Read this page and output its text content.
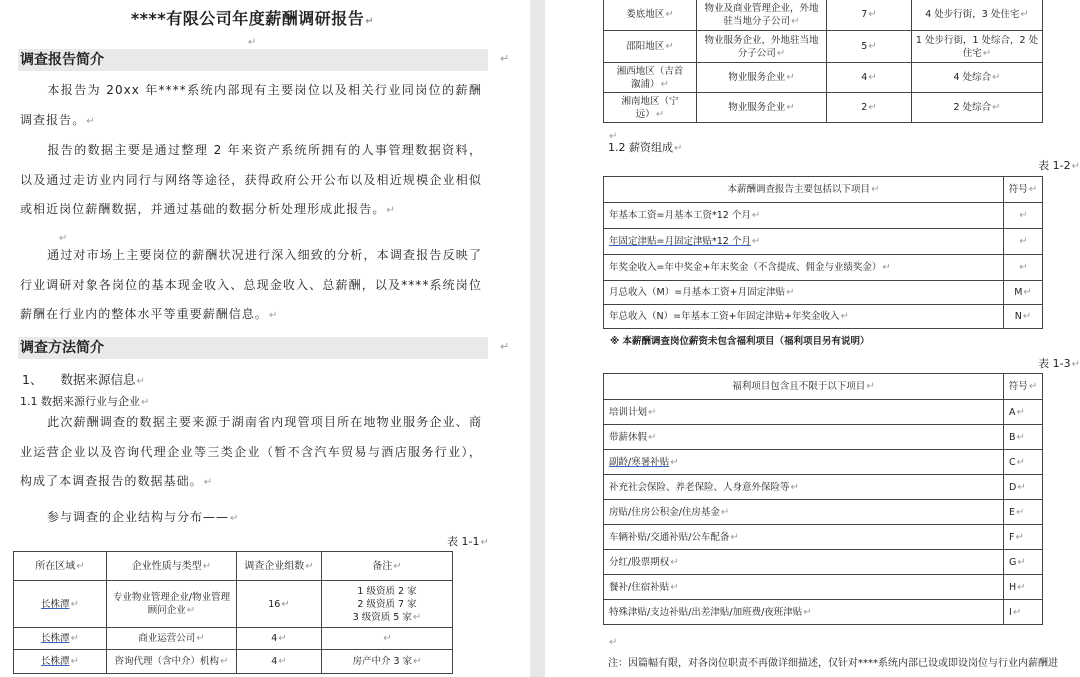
****有限公司年度薪酬调研报告↵
↵
调查报告简介	↵
本报告为 20xx 年****系统内部现有主要岗位以及相关行业同岗位的薪酬调查报告。↵
报告的数据主要是通过整理 2 年来资产系统所拥有的人事管理数据资料，以及通过走访业内同行与网络等途径，获得政府公开公布以及相近规模企业相似或相近岗位薪酬数据，并通过基础的数据分析处理形成此报告。↵
↵
通过对市场上主要岗位的薪酬状况进行深入细致的分析，本调查报告反映了行业调研对象各岗位的基本现金收入、总现金收入、总薪酬，以及****系统岗位薪酬在行业内的整体水平等重要薪酬信息。↵
调查方法简介	↵
1、 数据来源信息↵
1.1 数据来源行业与企业↵
此次薪酬调查的数据主要来源于湖南省内现管项目所在地物业服务企业、商业运营企业以及咨询代理企业等三类企业（暂不含汽车贸易与酒店服务行业），构成了本调查报告的数据基础。↵
参与调查的企业结构与分布——↵
表 1-1↵
所在区域↵	企业性质与类型↵	调查企业组数↵	备注↵
长株潭↵	专业物业管理企业/物业管理顾问企业↵	16↵	1 级资质 2 家
2 级资质 7 家
3 级资质 5 家↵
长株潭↵	商业运营公司↵	4↵	↵
长株潭↵	咨询代理（含中介）机构↵	4↵	房产中介 3 家↵
娄底地区↵	物业及商业管理企业，外地驻当地分子公司↵	7↵	4 处步行街，3 处住宅↵
邵阳地区↵	物业服务企业，外地驻当地分子公司↵	5↵	1 处步行街，1 处综合，2 处住宅↵
湘西地区（吉首溆浦）↵	物业服务企业↵	4↵	4 处综合↵
湘南地区（宁远）↵	物业服务企业↵	2↵	2 处综合↵
↵
1.2 薪资组成↵
表 1-2↵
本薪酬调查报告主要包括以下项目↵	符号↵
年基本工资=月基本工资*12 个月↵	↵
年固定津贴=月固定津贴*12 个月↵	↵
年奖金收入=年中奖金+年末奖金（不含提成、佣金与业绩奖金）↵	↵
月总收入（M）=月基本工资+月固定津贴↵	M↵
年总收入（N）=年基本工资+年固定津贴+年奖金收入↵	N↵
※ 本薪酬调查岗位薪资未包含福利项目（福利项目另有说明）
表 1-3↵
福利项目包含且不限于以下项目↵	符号↵
培训计划↵	A↵
带薪休假↵	B↵
副龄/寒暑补贴↵	C↵
补充社会保险、养老保险、人身意外保险等↵	D↵
房贴/住房公积金/住房基金↵	E↵
车辆补贴/交通补贴/公车配备↵	F↵
分红/股票期权↵	G↵
餐补/住宿补贴↵	H↵
特殊津贴/支边补贴/出差津贴/加班费/夜班津贴↵	I↵
↵
注：因篇幅有限，对各岗位职责不再做详细描述，仅针对****系统内部已设或即设岗位与行业内薪酬进
